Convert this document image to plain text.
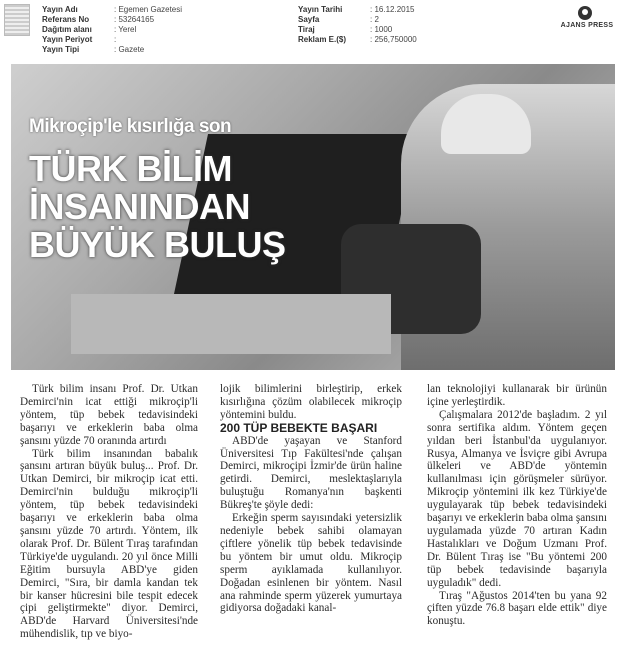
Yayın Adı	: Egemen Gazetesi
Referans No	: 53264165
Dağıtım alanı	: Yerel
Yayın Periyot	:
Yayın Tipi	: Gazete
Yayın Tarihi	: 16.12.2015
Sayfa	: 2
Tiraj	: 1000
Reklam E.($)	: 256,750000
AJANS PRESS
Mikroçip'le kısırlığa son
TÜRK BİLİM
İNSANINDAN
BÜYÜK BULUŞ

Türk bilim insanı Prof. Dr. Utkan Demirci'nin icat ettiği mikroçip'li yöntem, tüp bebek tedavisindeki başarıyı ve erkeklerin baba olma şansını yüzde 70 oranında artırdı

Türk bilim insanından babalık şansını artıran büyük buluş... Prof. Dr. Utkan Demirci, bir mikroçip icat etti. Demirci'nin bulduğu mikroçip'li yöntem, tüp bebek tedavisindeki başarıyı ve erkeklerin baba olma şansını yüzde 70 artırdı. Yöntem, ilk olarak Prof. Dr. Bülent Tıraş tarafından Türkiye'de uygulandı. 20 yıl önce Milli Eğitim bursuyla ABD'ye giden Demirci, "Sıra, bir damla kandan tek bir kanser hücresini bile tespit edecek çipi geliştirmekte" diyor. Demirci, ABD'de Harvard Üniversitesi'nde mühendislik, tıp ve biyo-

lojik bilimlerini birleştirip, erkek kısırlığına çözüm olabilecek mikroçip yöntemini buldu.

200 TÜP BEBEKTE BAŞARI

ABD'de yaşayan ve Stanford Üniversitesi Tıp Fakültesi'nde çalışan Demirci, mikroçipi İzmir'de ürün haline getirdi. Demirci, meslektaşlarıyla buluştuğu Romanya'nın başkenti Bükreş'te şöyle dedi:

Erkeğin sperm sayısındaki yetersizlik nedeniyle bebek sahibi olamayan çiftlere yönelik tüp bebek tedavisinde bu yöntem bir umut oldu. Mikroçip sperm ayıklamada kullanılıyor. Doğadan esinlenen bir yöntem. Nasıl ana rahminde sperm yüzerek yumurtaya gidiyorsa doğadaki kanal-

lan teknolojiyi kullanarak bir ürünün içine yerleştirdik.

Çalışmalara 2012'de başladım. 2 yıl sonra sertifika aldım. Yöntem geçen yıldan beri İstanbul'da uygulanıyor. Rusya, Almanya ve İsviçre gibi Avrupa ülkeleri ve ABD'de yöntemin kullanılması için görüşmeler sürüyor. Mikroçip yöntemini ilk kez Türkiye'de uygulayarak tüp bebek tedavisindeki başarıyı ve erkeklerin baba olma şansını uygulamada yüzde 70 artıran Kadın Hastalıkları ve Doğum Uzmanı Prof. Dr. Bülent Tıraş ise "Bu yöntemi 200 tüp bebek tedavisinde başarıyla uyguladık" dedi.

Tıraş "Ağustos 2014'ten bu yana 92 çiften yüzde 76.8 başarı elde ettik" diye konuştu.
